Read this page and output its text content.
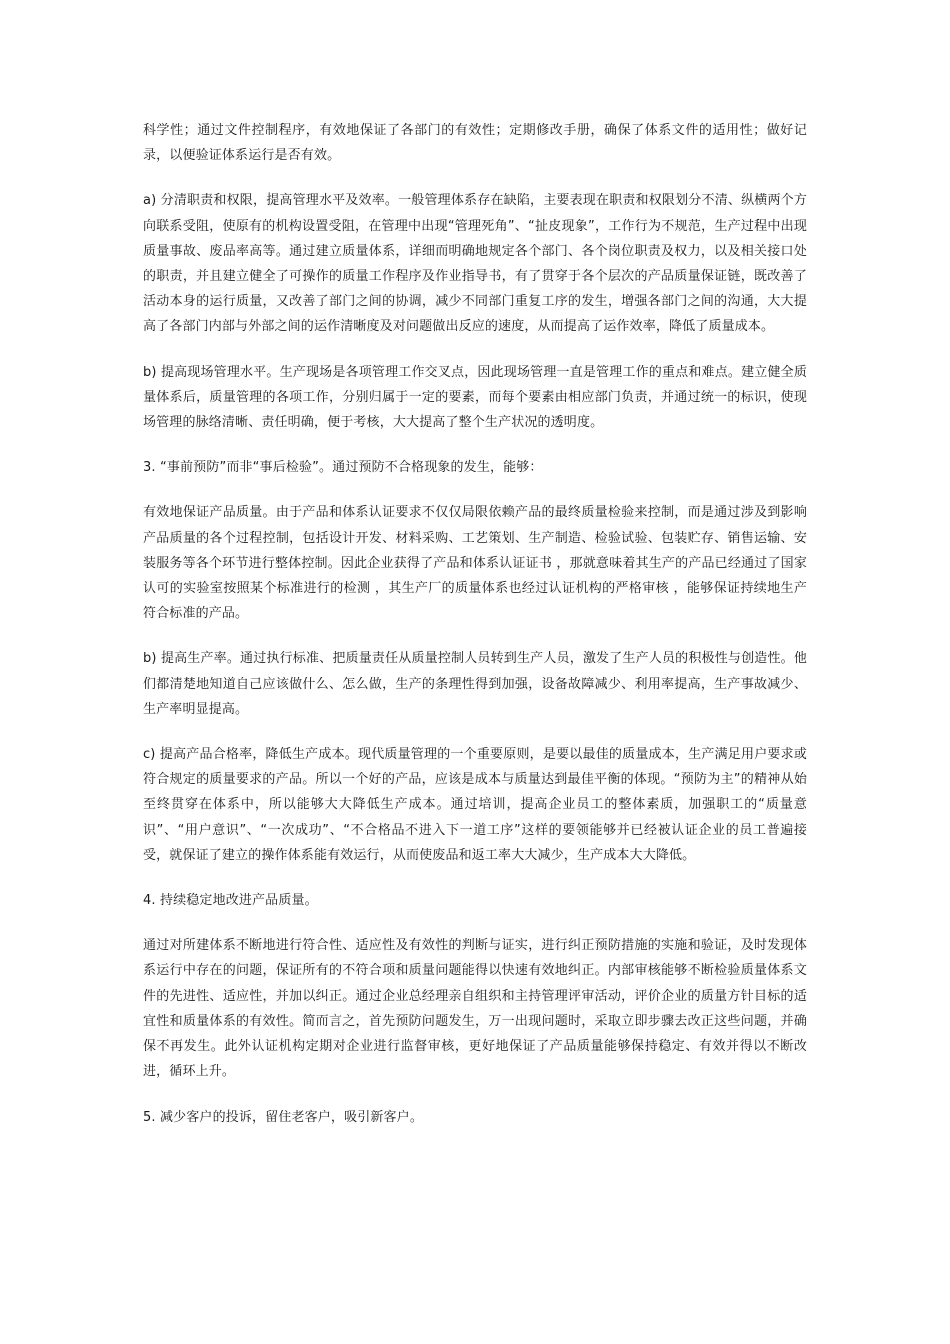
科学性；通过文件控制程序，有效地保证了各部门的有效性；定期修改手册，确保了体系文件的适用性；做好记录，以便验证体系运行是否有效。

a) 分清职责和权限，提高管理水平及效率。一般管理体系存在缺陷，主要表现在职责和权限划分不清、纵横两个方向联系受阻，使原有的机构设置受阻，在管理中出现“管理死角”、“扯皮现象”，工作行为不规范，生产过程中出现质量事故、废品率高等。通过建立质量体系，详细而明确地规定各个部门、各个岗位职责及权力，以及相关接口处的职责，并且建立健全了可操作的质量工作程序及作业指导书，有了贯穿于各个层次的产品质量保证链，既改善了活动本身的运行质量，又改善了部门之间的协调，减少不同部门重复工序的发生，增强各部门之间的沟通，大大提高了各部门内部与外部之间的运作清晰度及对问题做出反应的速度，从而提高了运作效率，降低了质量成本。

b) 提高现场管理水平。生产现场是各项管理工作交叉点，因此现场管理一直是管理工作的重点和难点。建立健全质量体系后，质量管理的各项工作，分别归属于一定的要素，而每个要素由相应部门负责，并通过统一的标识，使现场管理的脉络清晰、责任明确，便于考核，大大提高了整个生产状况的透明度。

3. “事前预防”而非“事后检验”。通过预防不合格现象的发生，能够：

有效地保证产品质量。由于产品和体系认证要求不仅仅局限依赖产品的最终质量检验来控制，而是通过涉及到影响产品质量的各个过程控制，包括设计开发、材料采购、工艺策划、生产制造、检验试验、包装贮存、销售运输、安装服务等各个环节进行整体控制。因此企业获得了产品和体系认证证书 ，那就意味着其生产的产品已经通过了国家认可的实验室按照某个标准进行的检测 ，其生产厂的质量体系也经过认证机构的严格审核 ，能够保证持续地生产符合标准的产品。

b) 提高生产率。通过执行标准、把质量责任从质量控制人员转到生产人员，激发了生产人员的积极性与创造性。他们都清楚地知道自己应该做什么、怎么做，生产的条理性得到加强，设备故障减少、利用率提高，生产事故减少、生产率明显提高。

c) 提高产品合格率，降低生产成本。现代质量管理的一个重要原则，是要以最佳的质量成本，生产满足用户要求或符合规定的质量要求的产品。所以一个好的产品，应该是成本与质量达到最佳平衡的体现。“预防为主”的精神从始至终贯穿在体系中，所以能够大大降低生产成本。通过培训，提高企业员工的整体素质，加强职工的“质量意识”、“用户意识”、“一次成功”、“不合格品不进入下一道工序”这样的要领能够并已经被认证企业的员工普遍接受，就保证了建立的操作体系能有效运行，从而使废品和返工率大大减少，生产成本大大降低。

4. 持续稳定地改进产品质量。

通过对所建体系不断地进行符合性、适应性及有效性的判断与证实，进行纠正预防措施的实施和验证，及时发现体系运行中存在的问题，保证所有的不符合项和质量问题能得以快速有效地纠正。内部审核能够不断检验质量体系文件的先进性、适应性，并加以纠正。通过企业总经理亲自组织和主持管理评审活动，评价企业的质量方针目标的适宜性和质量体系的有效性。简而言之，首先预防问题发生，万一出现问题时，采取立即步骤去改正这些问题，并确保不再发生。此外认证机构定期对企业进行监督审核，更好地保证了产品质量能够保持稳定、有效并得以不断改进，循环上升。

5. 减少客户的投诉，留住老客户，吸引新客户。
